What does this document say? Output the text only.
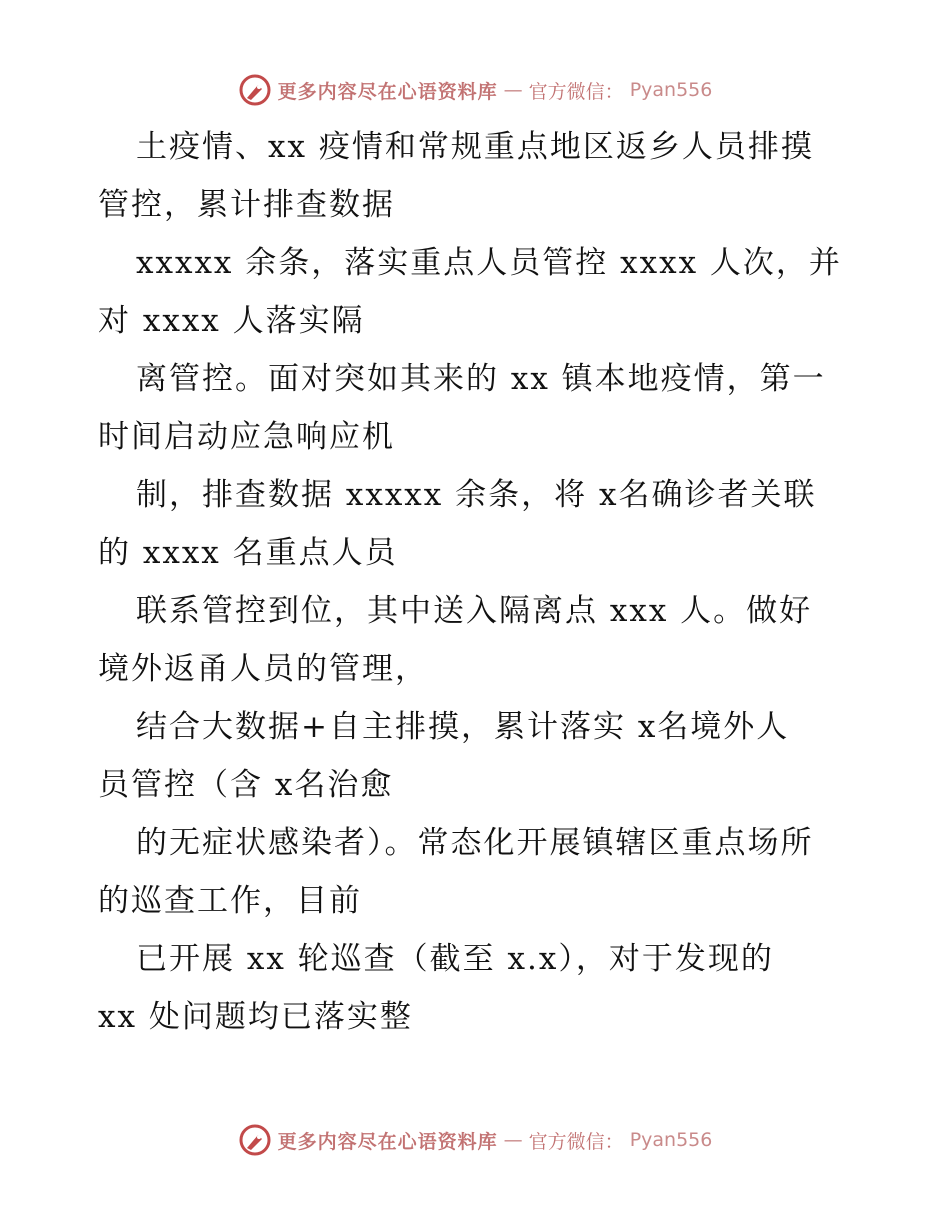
更多内容尽在心语资料库 — 官方微信： Pyan556

土疫情、xx 疫情和常规重点地区返乡人员排摸
管控，累计排查数据

xxxxx 余条，落实重点人员管控 xxxx 人次，并
对 xxxx 人落实隔

离管控。面对突如其来的 xx 镇本地疫情，第一
时间启动应急响应机

制，排查数据 xxxxx 余条，将 x名确诊者关联
的 xxxx 名重点人员

联系管控到位，其中送入隔离点 xxx 人。做好
境外返甬人员的管理，

结合大数据+自主排摸，累计落实 x名境外人
员管控（含 x名治愈

的无症状感染者）。常态化开展镇辖区重点场所
的巡查工作，目前

已开展 xx 轮巡查（截至 x.x），对于发现的
xx 处问题均已落实整

更多内容尽在心语资料库 — 官方微信： Pyan556
